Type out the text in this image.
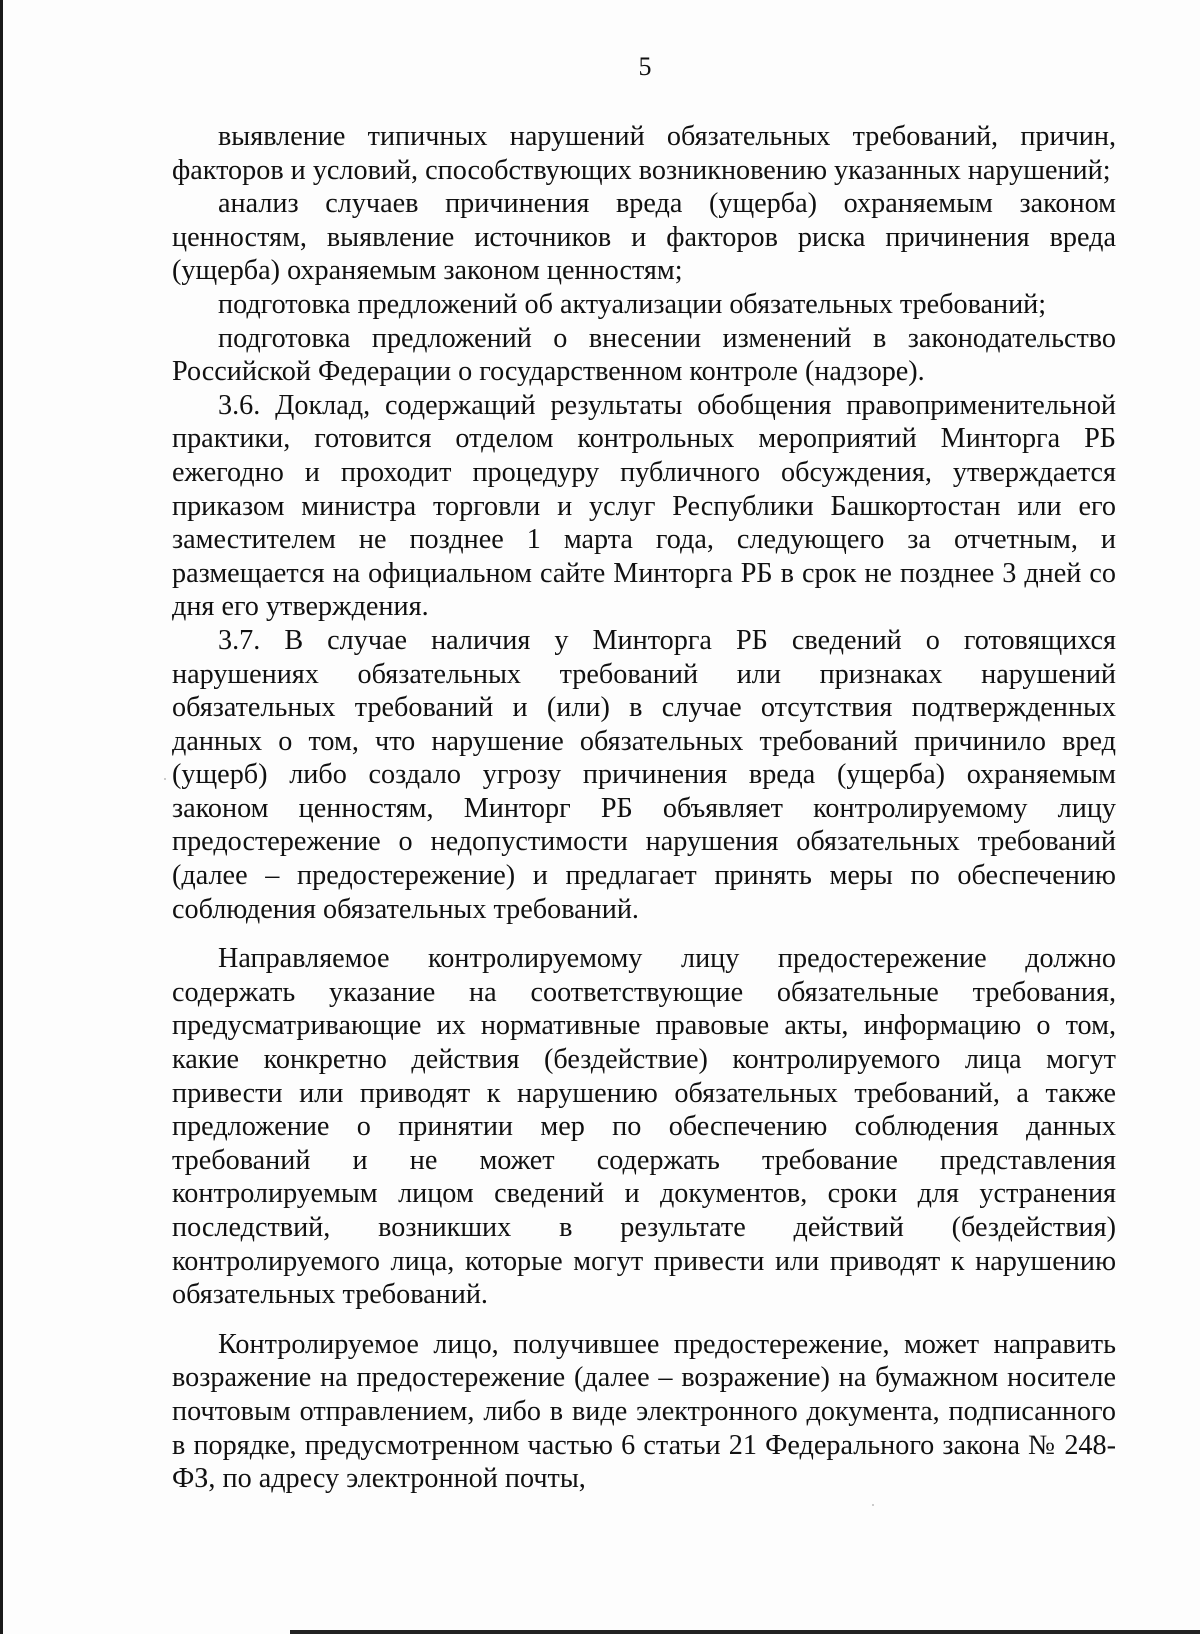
5

выявление типичных нарушений обязательных требований, причин, факторов и условий, способствующих возникновению указанных нарушений;

анализ случаев причинения вреда (ущерба) охраняемым законом ценностям, выявление источников и факторов риска причинения вреда (ущерба) охраняемым законом ценностям;

подготовка предложений об актуализации обязательных требований;

подготовка предложений о внесении изменений в законодательство Российской Федерации о государственном контроле (надзоре).

3.6. Доклад, содержащий результаты обобщения правоприменительной практики, готовится отделом контрольных мероприятий Минторга РБ ежегодно и проходит процедуру публичного обсуждения, утверждается приказом министра торговли и услуг Республики Башкортостан или его заместителем не позднее 1 марта года, следующего за отчетным, и размещается на официальном сайте Минторга РБ в срок не позднее 3 дней со дня его утверждения.

3.7. В случае наличия у Минторга РБ сведений о готовящихся нарушениях обязательных требований или признаках нарушений обязательных требований и (или) в случае отсутствия подтвержденных данных о том, что нарушение обязательных требований причинило вред (ущерб) либо создало угрозу причинения вреда (ущерба) охраняемым законом ценностям, Минторг РБ объявляет контролируемому лицу предостережение о недопустимости нарушения обязательных требований (далее – предостережение) и предлагает принять меры по обеспечению соблюдения обязательных требований.

Направляемое контролируемому лицу предостережение должно содержать указание на соответствующие обязательные требования, предусматривающие их нормативные правовые акты, информацию о том, какие конкретно действия (бездействие) контролируемого лица могут привести или приводят к нарушению обязательных требований, а также предложение о принятии мер по обеспечению соблюдения данных требований и не может содержать требование представления контролируемым лицом сведений и документов, сроки для устранения последствий, возникших в результате действий (бездействия) контролируемого лица, которые могут привести или приводят к нарушению обязательных требований.

Контролируемое лицо, получившее предостережение, может направить возражение на предостережение (далее – возражение) на бумажном носителе почтовым отправлением, либо в виде электронного документа, подписанного в порядке, предусмотренном частью 6 статьи 21 Федерального закона № 248-ФЗ, по адресу электронной почты,
